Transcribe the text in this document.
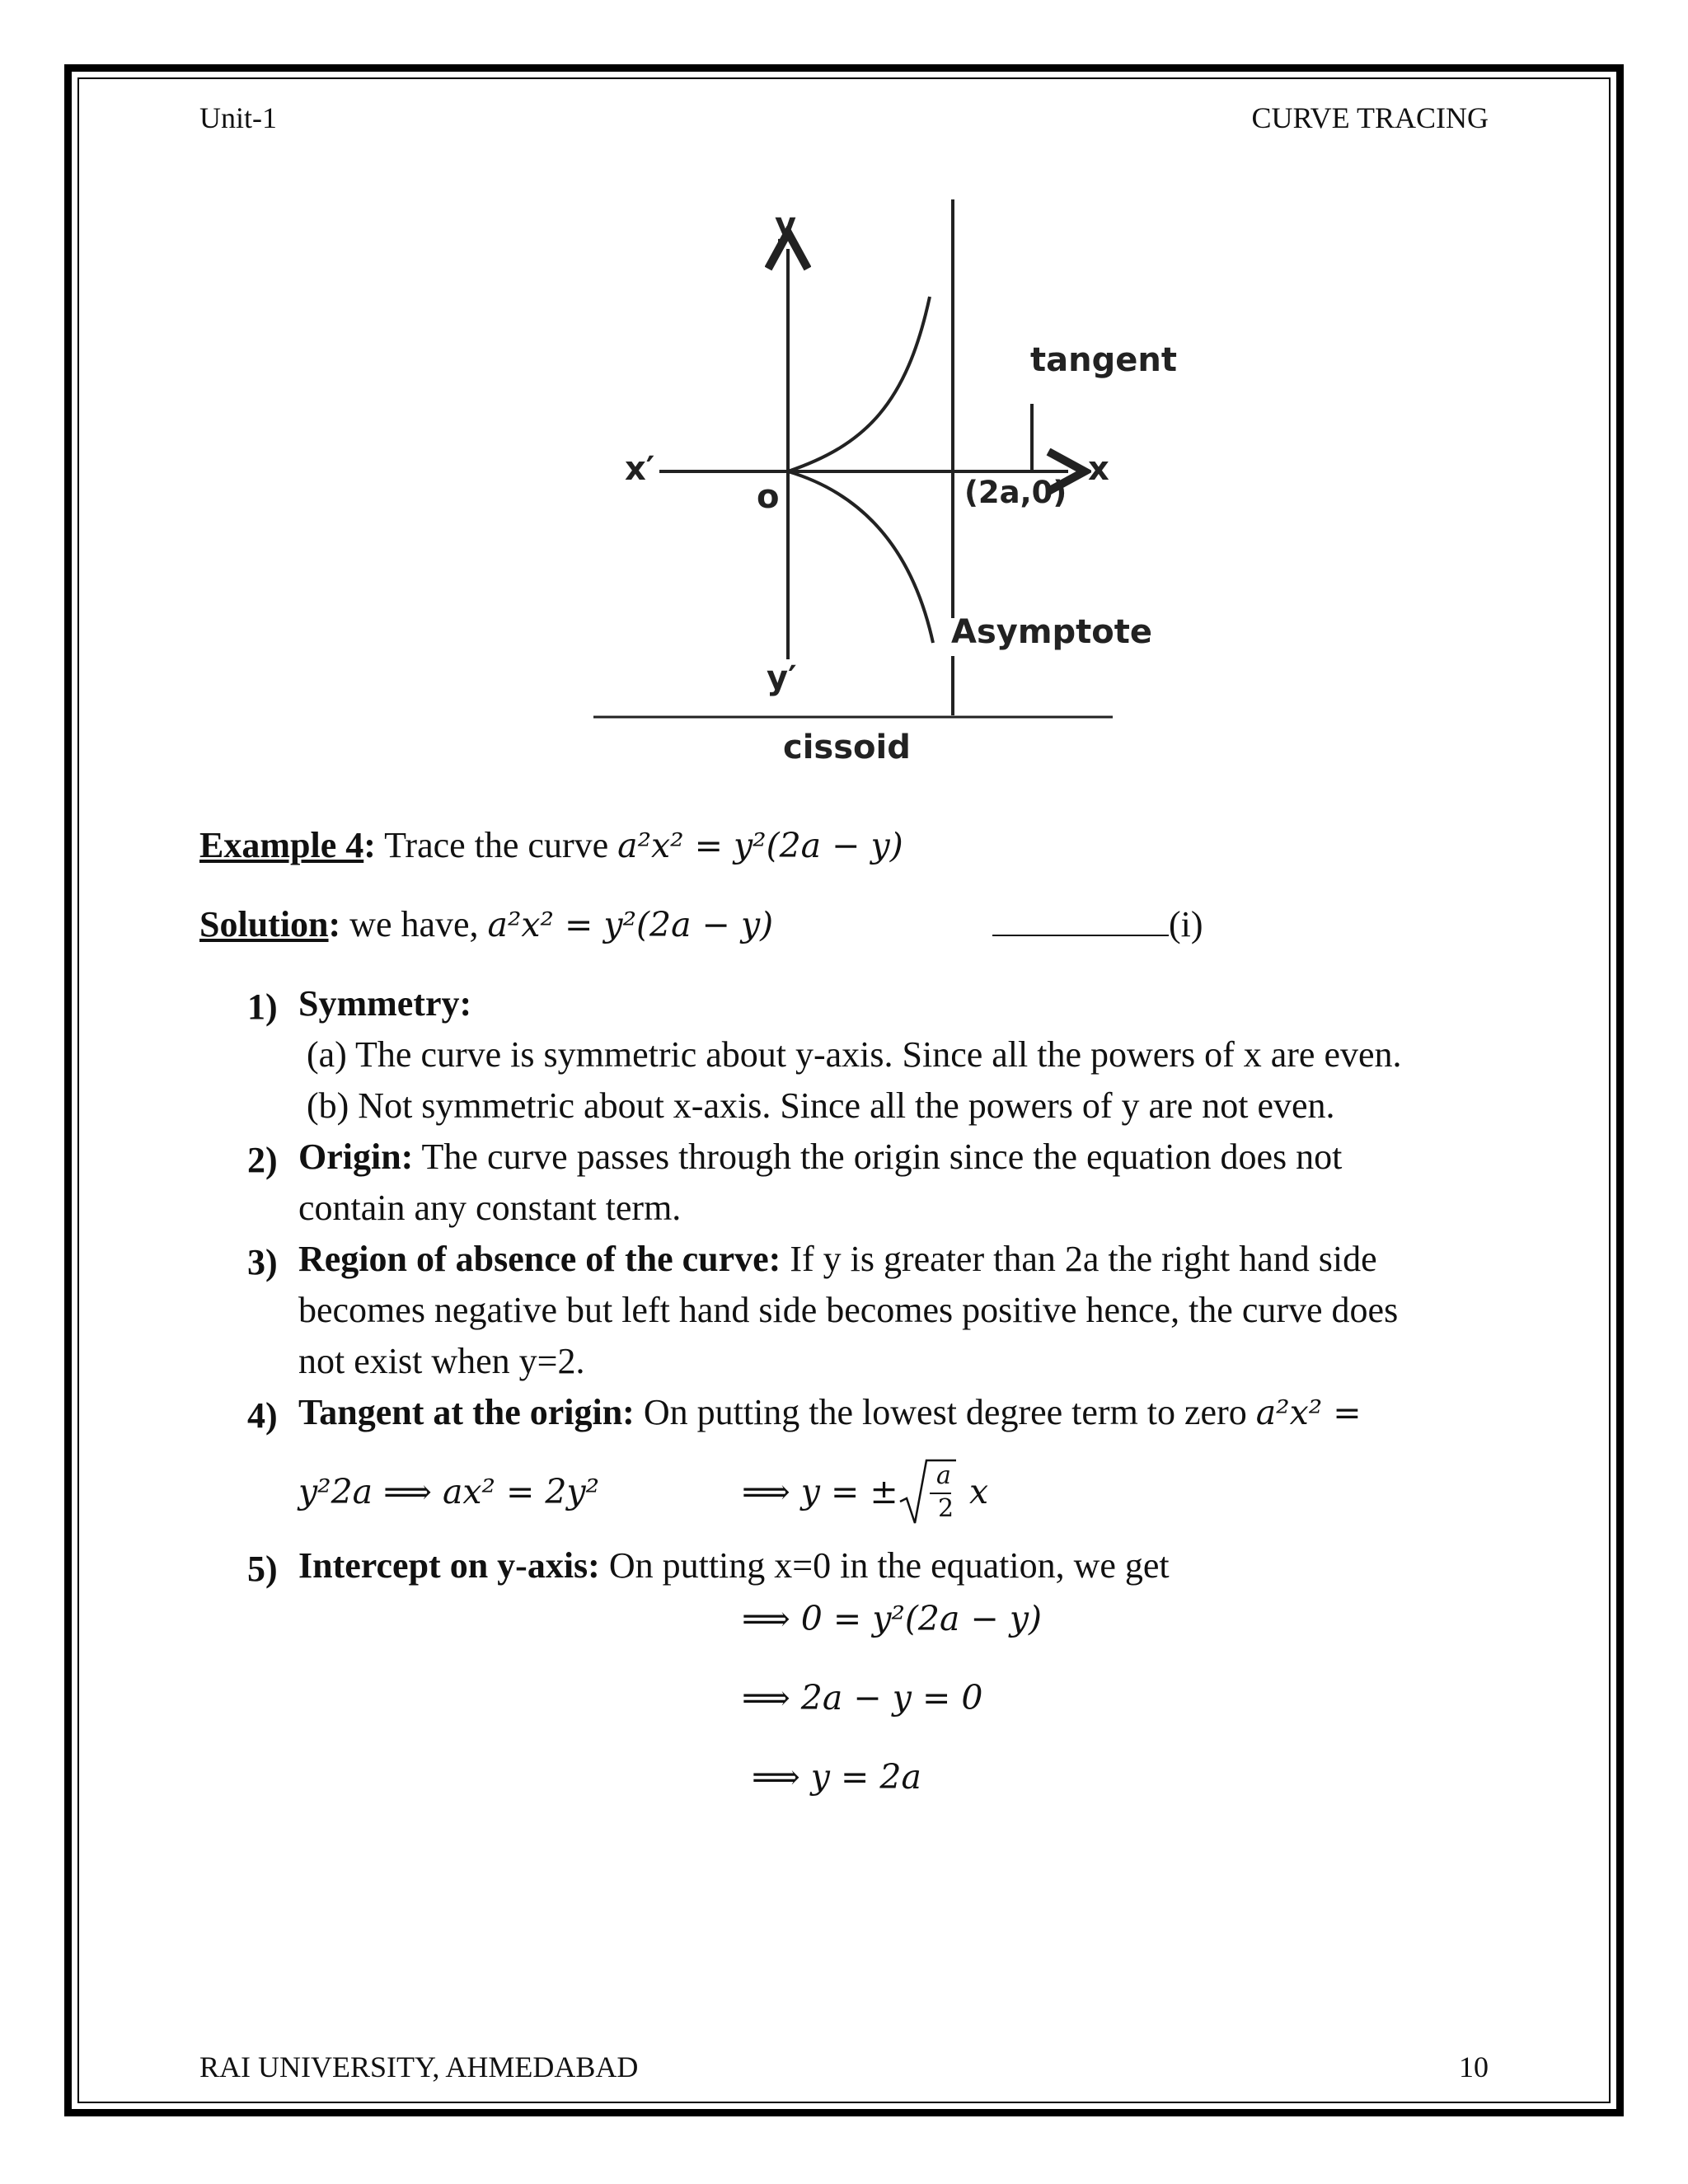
Unit-1	CURVE TRACING
y
x
x′
y′
o	(2a,0)
tangent
Asymptote
cissoid
Example 4: Trace the curve a²x² = y²(2a − y)
Solution: we have, a²x² = y²(2a − y)	(i)
1) Symmetry:
(a) The curve is symmetric about y-axis. Since all the powers of x are even.
(b) Not symmetric about x-axis. Since all the powers of y are not even.
2) Origin: The curve passes through the origin since the equation does not
contain any constant term.
3) Region of absence of the curve: If y is greater than 2a the right hand side
becomes negative but left hand side becomes positive hence, the curve does
not exist when y=2.
4) Tangent at the origin: On putting the lowest degree term to zero a²x² =
y²2a ⟹ ax² = 2y²	⟹ y = ± a
2 x
5) Intercept on y-axis: On putting x=0 in the equation, we get
⟹ 0 = y²(2a − y)
⟹ 2a − y = 0
⟹ y = 2a
RAI UNIVERSITY, AHMEDABAD	10
